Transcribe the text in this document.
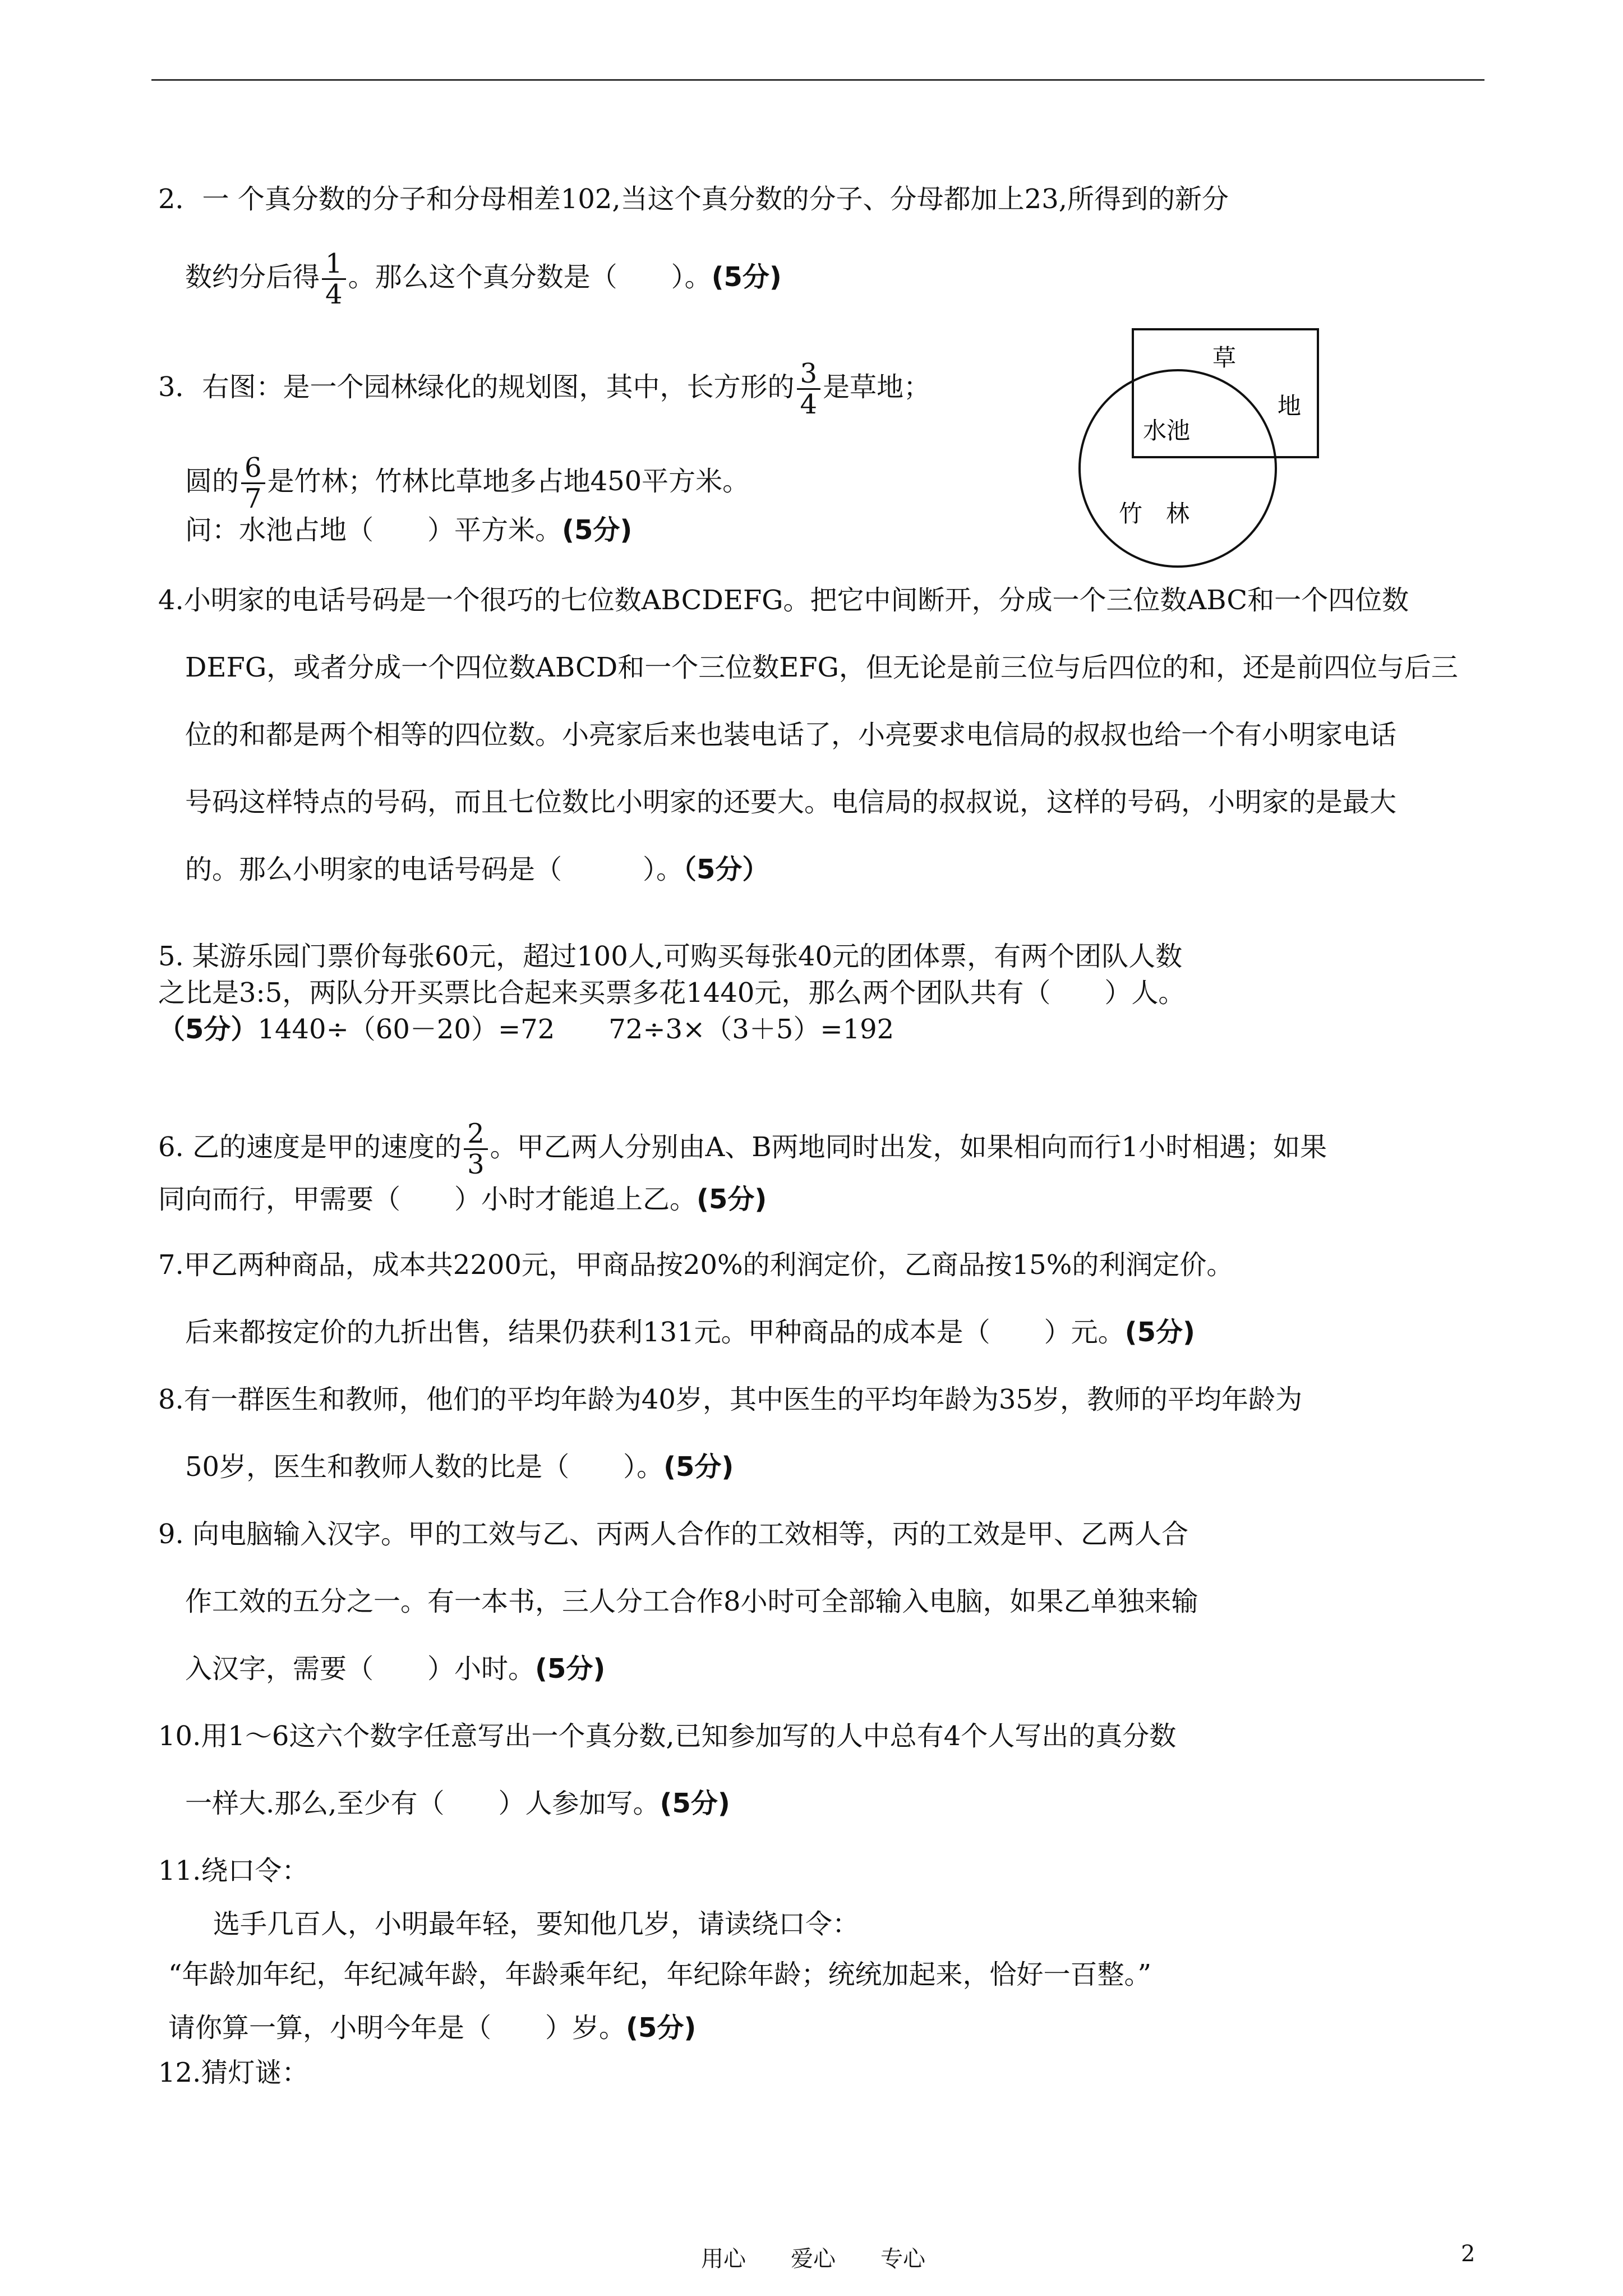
2．一 个真分数的分子和分母相差102,当这个真分数的分子、分母都加上23,所得到的新分
数约分后得 $\frac{1}{4}$ 。那么这个真分数是（　　）。(5分)
3．右图：是一个园林绿化的规划图，其中，长方形的 $\frac{3}{4}$ 是草地；
圆的 $\frac{6}{7}$ 是竹林；竹林比草地多占地450平方米。
问：水池占地（　　）平方米。(5分)
草
地
水池
竹　林
4.小明家的电话号码是一个很巧的七位数ABCDEFG。把它中间断开，分成一个三位数ABC和一个四位数
DEFG，或者分成一个四位数ABCD和一个三位数EFG，但无论是前三位与后四位的和，还是前四位与后三
位的和都是两个相等的四位数。小亮家后来也装电话了，小亮要求电信局的叔叔也给一个有小明家电话
号码这样特点的号码，而且七位数比小明家的还要大。电信局的叔叔说，这样的号码，小明家的是最大
的。那么小明家的电话号码是（　　　）。（5分）
5. 某游乐园门票价每张60元，超过100人,可购买每张40元的团体票，有两个团队人数
之比是3:5，两队分开买票比合起来买票多花1440元，那么两个团队共有（　　）人。
（5分）1440÷（60－20）=72　　72÷3×（3＋5）=192
6. 乙的速度是甲的速度的 $\frac{2}{3}$ 。甲乙两人分别由A、B两地同时出发，如果相向而行1小时相遇；如果
同向而行，甲需要（　　）小时才能追上乙。(5分)
7.甲乙两种商品，成本共2200元，甲商品按20%的利润定价，乙商品按15%的利润定价。
后来都按定价的九折出售，结果仍获利131元。甲种商品的成本是（　　）元。(5分)
8.有一群医生和教师，他们的平均年龄为40岁，其中医生的平均年龄为35岁，教师的平均年龄为
50岁，医生和教师人数的比是（　　）。(5分)
9. 向电脑输入汉字。甲的工效与乙、丙两人合作的工效相等，丙的工效是甲、乙两人合
作工效的五分之一。有一本书，三人分工合作8小时可全部输入电脑，如果乙单独来输
入汉字，需要（　　）小时。(5分)
10.用1～6这六个数字任意写出一个真分数,已知参加写的人中总有4个人写出的真分数
一样大.那么,至少有（　　）人参加写。(5分)
11.绕口令：
选手几百人，小明最年轻，要知他几岁，请读绕口令：
“年龄加年纪，年纪减年龄，年龄乘年纪，年纪除年龄；统统加起来，恰好一百整。”
请你算一算，小明今年是（　　）岁。(5分)
12.猜灯谜：
用心　　爱心　　专心	2
